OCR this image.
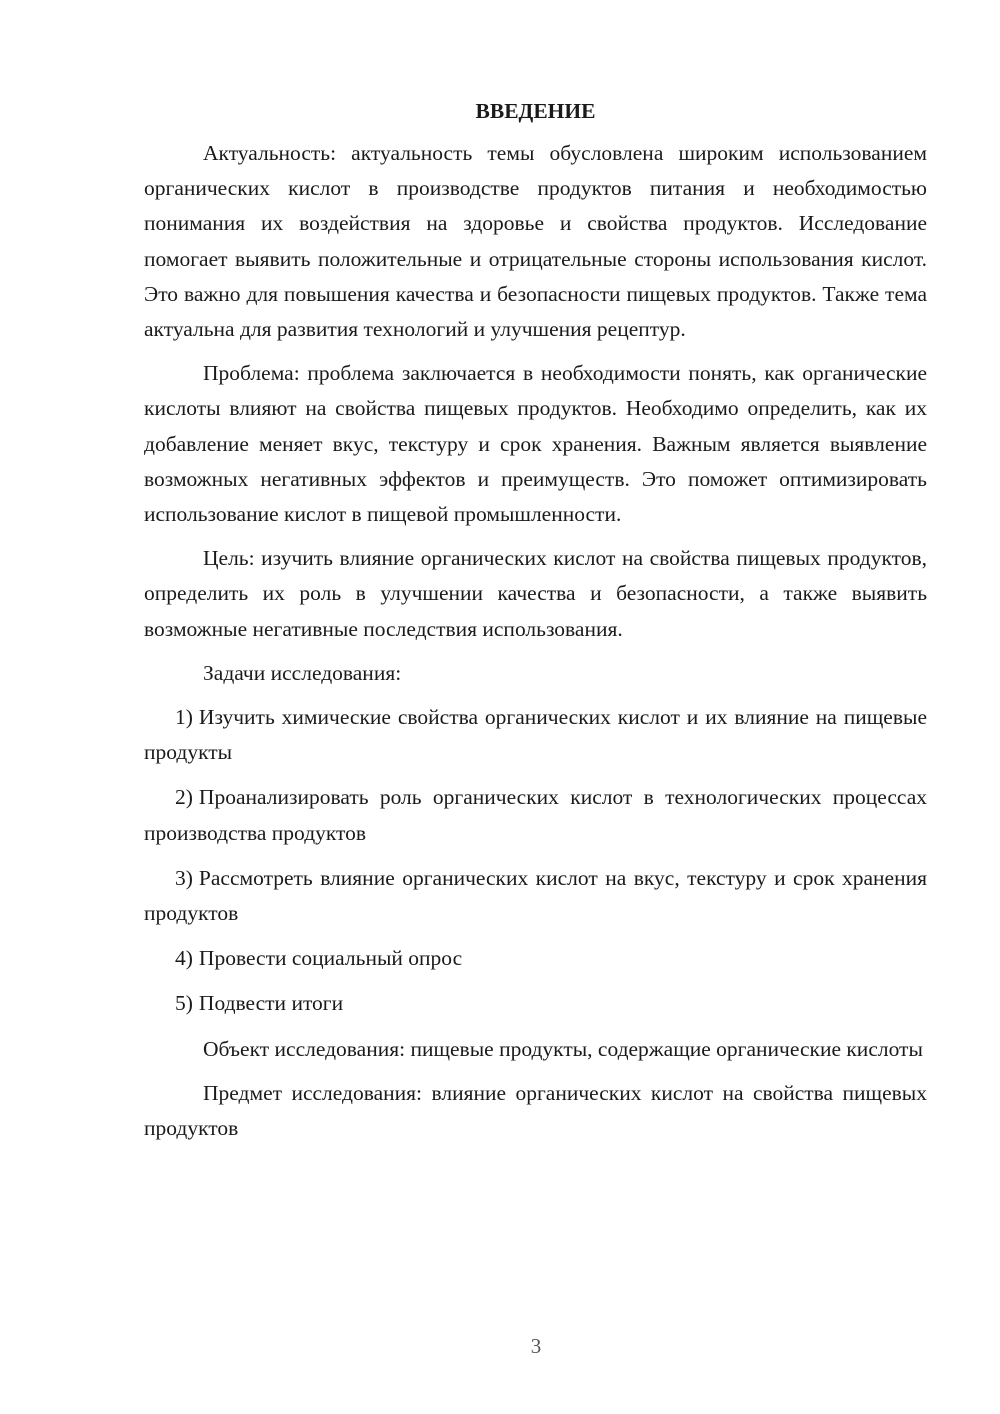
ВВЕДЕНИЕ

Актуальность: актуальность темы обусловлена широким использованием органических кислот в производстве продуктов питания и необходимостью понимания их воздействия на здоровье и свойства продуктов. Исследование помогает выявить положительные и отрицательные стороны использования кислот. Это важно для повышения качества и безопасности пищевых продуктов. Также тема актуальна для развития технологий и улучшения рецептур.

Проблема: проблема заключается в необходимости понять, как органические кислоты влияют на свойства пищевых продуктов. Необходимо определить, как их добавление меняет вкус, текстуру и срок хранения. Важным является выявление возможных негативных эффектов и преимуществ. Это поможет оптимизировать использование кислот в пищевой промышленности.

Цель: изучить влияние органических кислот на свойства пищевых продуктов, определить их роль в улучшении качества и безопасности, а также выявить возможные негативные последствия использования.

Задачи исследования:

1) Изучить химические свойства органических кислот и их влияние на пищевые продукты
2) Проанализировать роль органических кислот в технологических процессах производства продуктов
3) Рассмотреть влияние органических кислот на вкус, текстуру и срок хранения продуктов
4) Провести социальный опрос
5) Подвести итоги

Объект исследования: пищевые продукты, содержащие органические кислоты

Предмет исследования: влияние органических кислот на свойства пищевых продуктов

3
